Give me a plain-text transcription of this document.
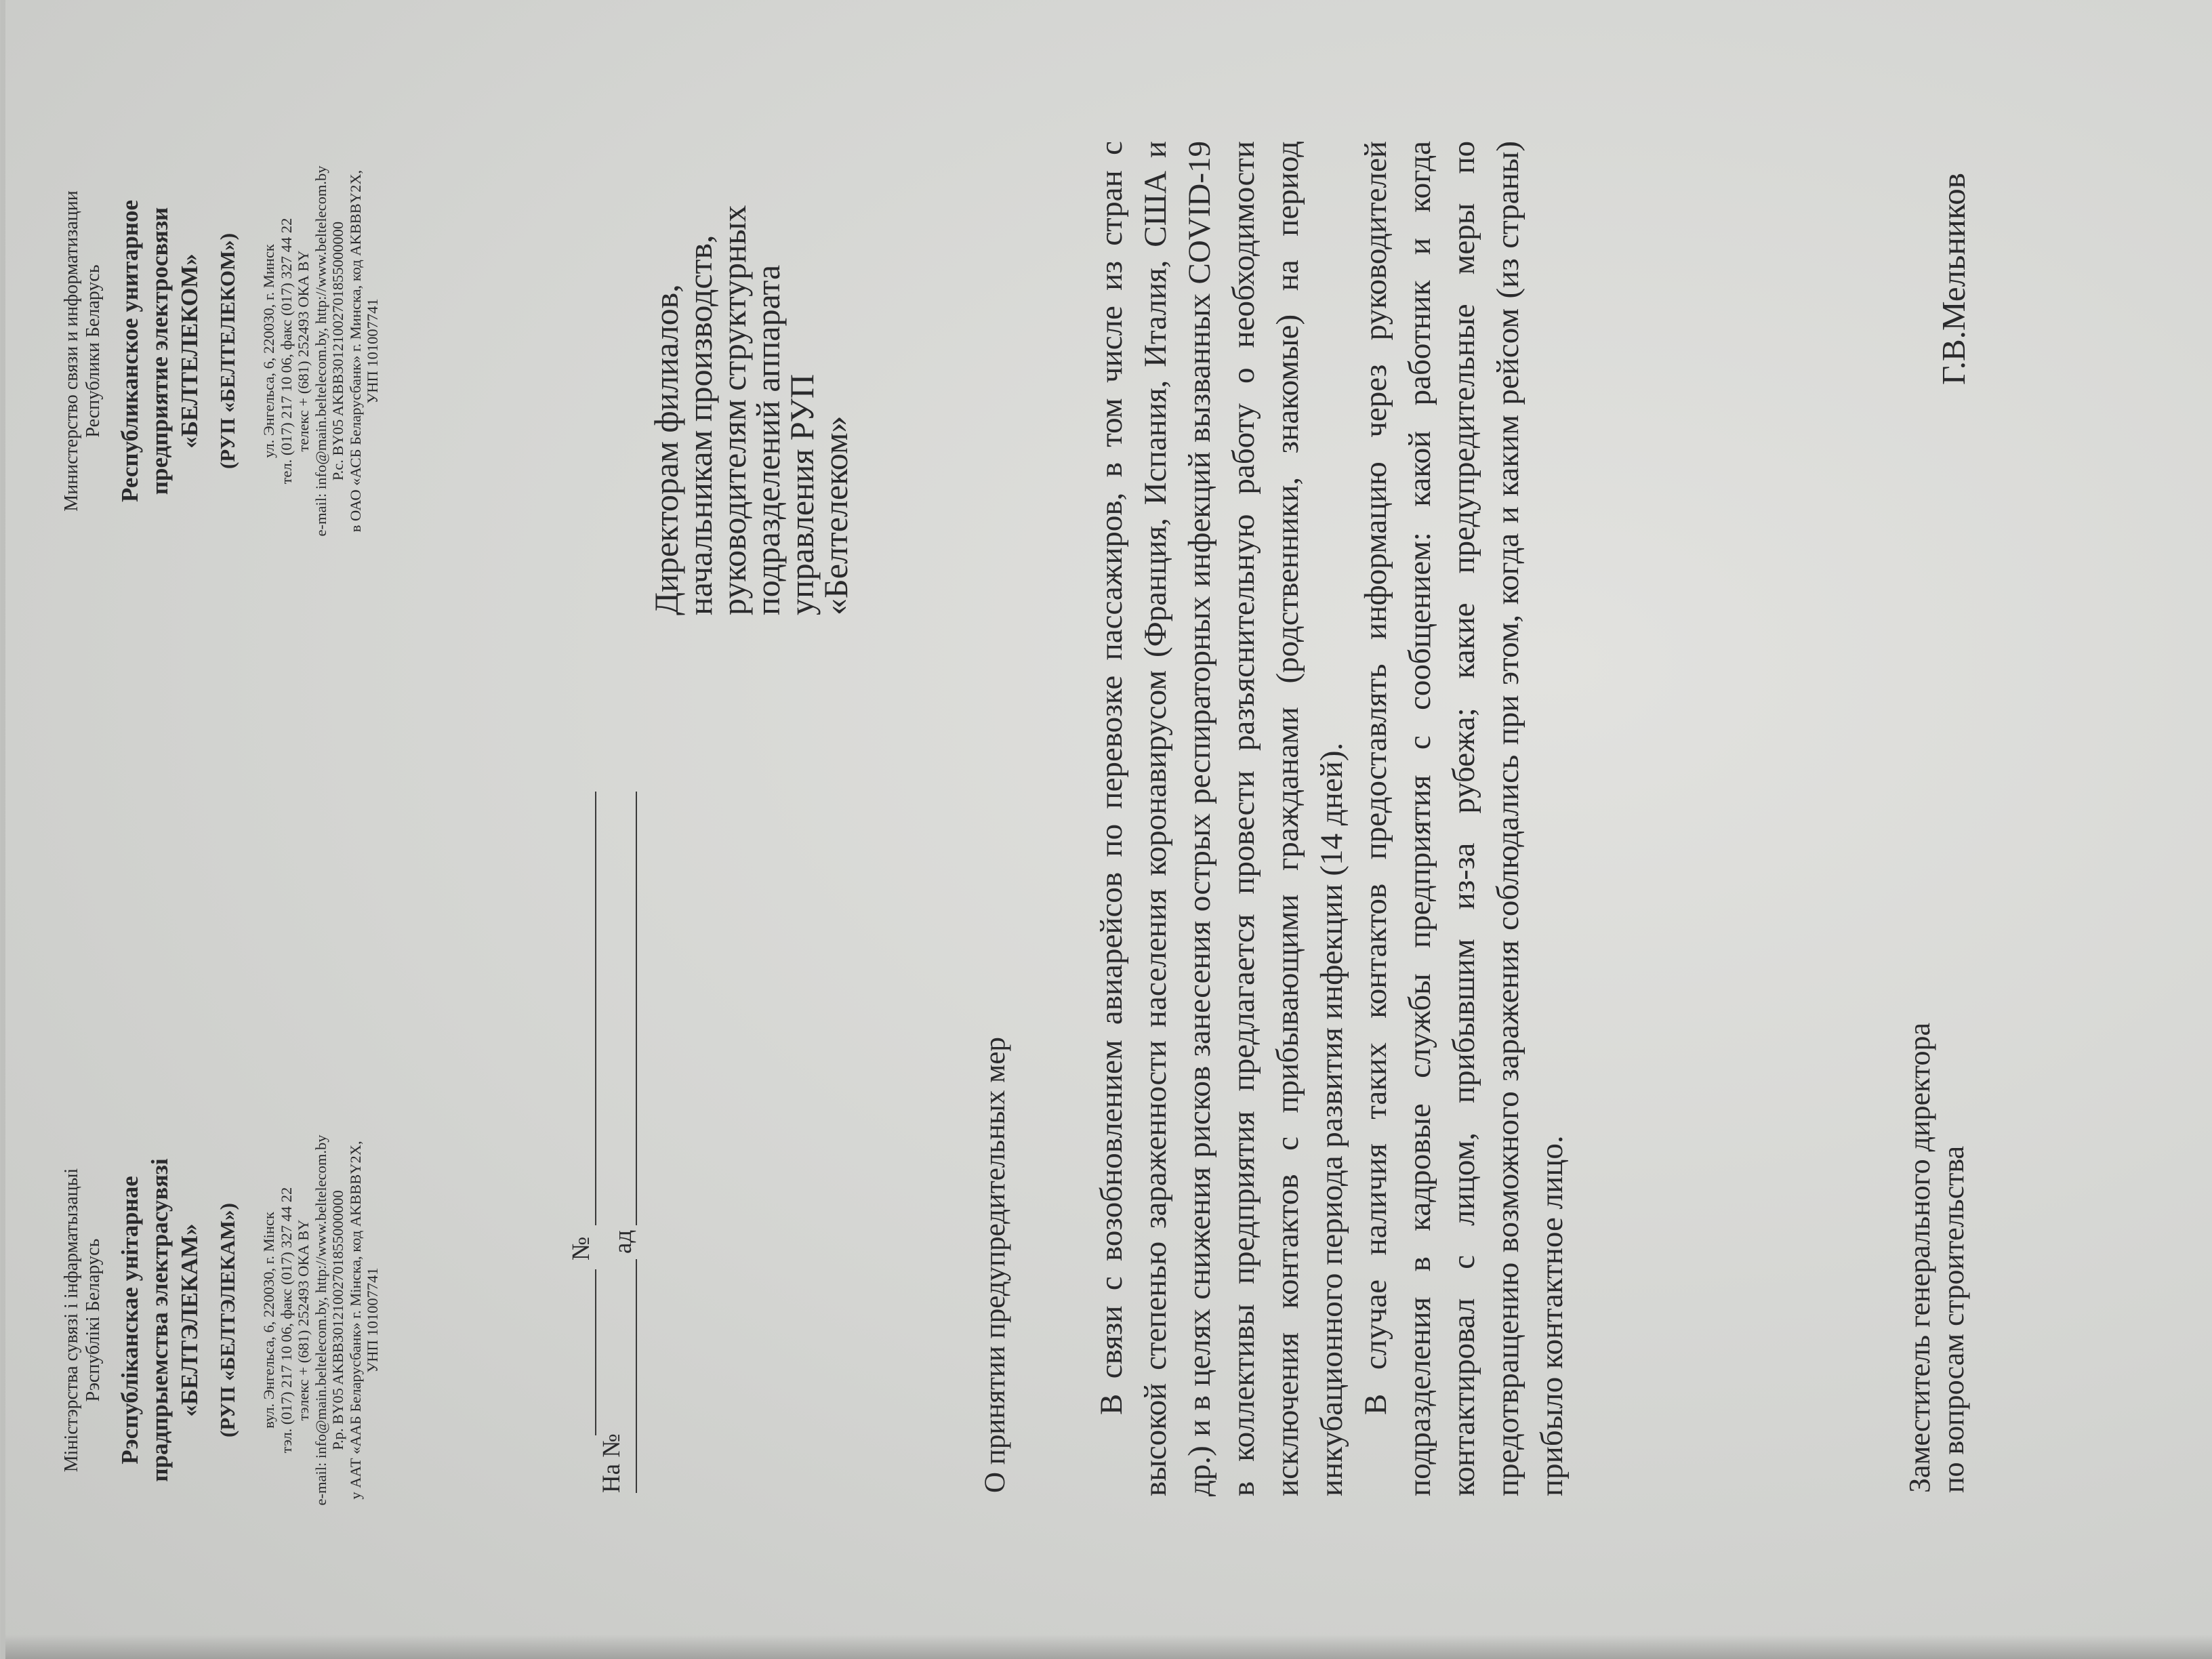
Міністэрства сувязі і інфарматызацыі Рэспублікі Беларусь Рэспубліканскае унітарнае прадпрыемства электрасувязі «БЕЛТЭЛЕКАМ» (РУП «БЕЛТЭЛЕКАМ») вул. Энгельса, 6, 220030, г. Мінск тэл. (017) 217 10 06, факс (017) 327 44 22 тэлекс + (681) 252493 ОКА BY e-mail: info@main.beltelecom.by, http://www.beltelecom.by Р.р. BY05 AKBB30121002701855000000 у ААТ «ААБ Беларусбанк» г. Мінска, код AKBBBY2X, УНП 101007741
Министерство связи и информатизации Республики Беларусь Республиканское унитарное предприятие электросвязи «БЕЛТЕЛЕКОМ» (РУП «БЕЛТЕЛЕКОМ») ул. Энгельса, 6, 220030, г. Минск тел. (017) 217 10 06, факс (017) 327 44 22 телекс + (681) 252493 ОКА BY e-mail: info@main.beltelecom.by, http://www.beltelecom.by Р.с. BY05 AKBB30121002701855000000 в ОАО «АСБ Беларусбанк» г. Минска, код AKBBBY2X, УНП 101007741
№ ад
На №
Директорам филиалов,
начальникам производств,
руководителям структурных
подразделений аппарата
управления РУП
«Белтелеком»
О принятии предупредительных мер	В связи с возобновлением авиарейсов по перевозке пассажиров, в том числе из стран с высокой степенью зараженности населения коронавирусом (Франция, Испания, Италия, США и др.) и в целях снижения рисков занесения острых респираторных инфекций вызванных COVID-19 в коллективы предприятия предлагается провести разъяснительную работу о необходимости исключения контактов с прибывающими гражданами (родственники, знакомые) на период инкубационного периода развития инфекции (14 дней). В случае наличия таких контактов предоставлять информацию через руководителей подразделения в кадровые службы предприятия с сообщением: какой работник и когда контактировал с лицом, прибывшим из-за рубежа; какие предупредительные меры по предотвращению возможного заражения соблюдались при этом, когда и каким рейсом (из страны) прибыло контактное лицо.	Заместитель генерального директора по вопросам строительства
Г.В.Мельников
